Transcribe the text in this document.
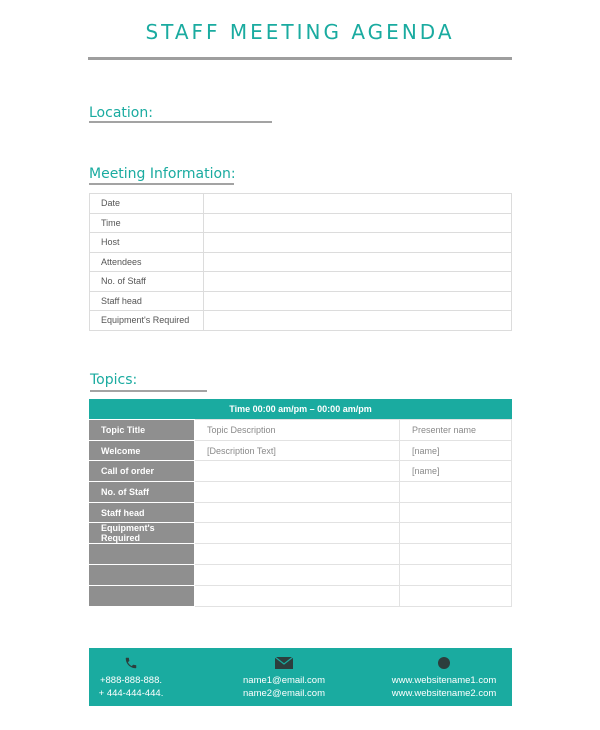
STAFF MEETING AGENDA
Location:
Meeting Information:
Date	
Time	
Host	
Attendees	
No. of Staff	
Staff head	
Equipment's Required	
Topics:
Time 00:00 am/pm – 00:00 am/pm
Topic Title	Topic Description	Presenter name
Welcome	[Description Text]	[name]
Call of order		[name]
No. of Staff		
Staff head		
Equipment's Required		

+888-888-888.
+ 444-444-444.
name1@email.com
name2@email.com
www.websitename1.com
www.websitename2.com
